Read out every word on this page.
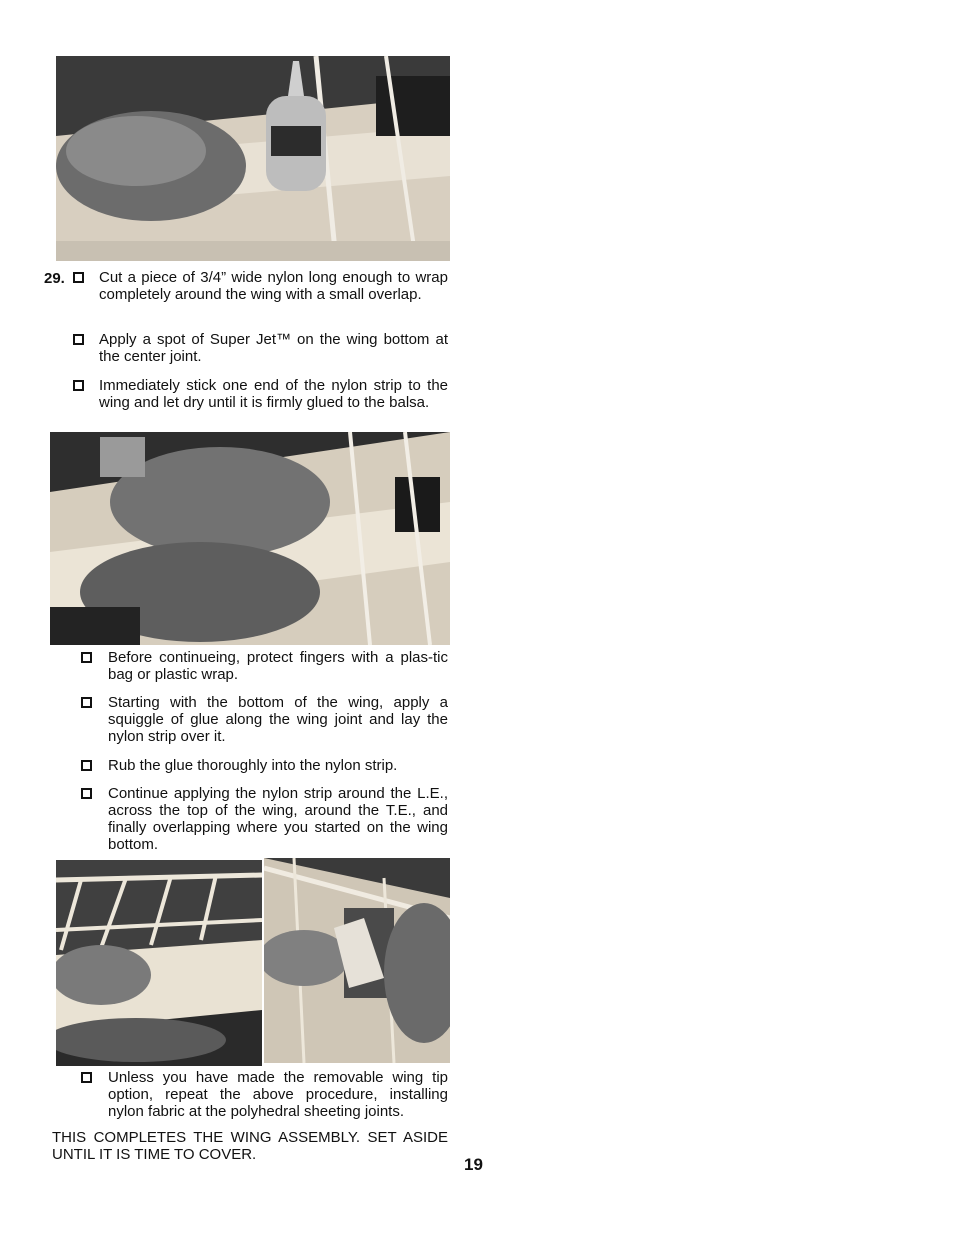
29. Cut a piece of 3/4” wide nylon long enough to wrap completely around the wing with a small overlap.
Apply a spot of Super Jet™ on the wing bottom at the center joint.
Immediately stick one end of the nylon strip to the wing and let dry until it is firmly glued to the balsa.
Before continueing, protect fingers with a plas-tic bag or plastic wrap.
Starting with the bottom of the wing, apply a squiggle of glue along the wing joint and lay the nylon strip over it.
Rub the glue thoroughly into the nylon strip.
Continue applying the nylon strip around the L.E., across the top of the wing, around the T.E., and finally overlapping where you started on the wing bottom.
Unless you have made the removable wing tip option, repeat the above procedure, installing nylon fabric at the polyhedral sheeting joints.
THIS COMPLETES THE WING ASSEMBLY. SET ASIDE UNTIL IT IS TIME TO COVER.
19
